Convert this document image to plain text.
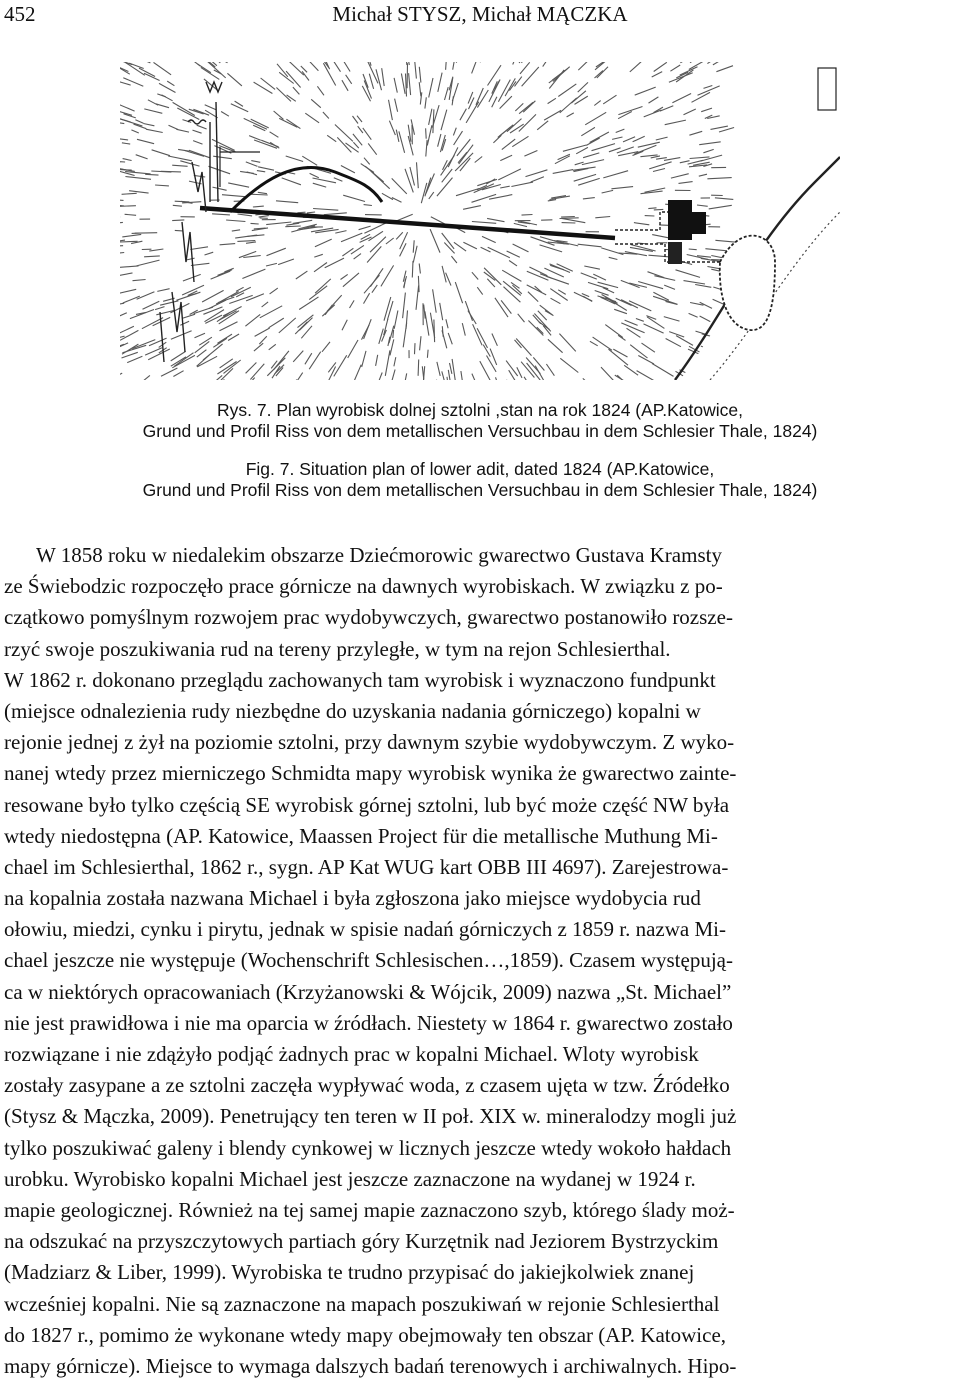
452	Michał STYSZ, Michał MĄCZKA
Rys. 7. Plan wyrobisk dolnej sztolni ,stan na rok 1824 (AP.Katowice,
Grund und Profil Riss von dem metallischen Versuchbau in dem Schlesier Thale, 1824)
Fig. 7. Situation plan of lower adit, dated 1824 (AP.Katowice,
Grund und Profil Riss von dem metallischen Versuchbau in dem Schlesier Thale, 1824)
W 1858 roku w niedalekim obszarze Dziećmorowic gwarectwo Gustava Kramsty
ze Świebodzic rozpoczęło prace górnicze na dawnych wyrobiskach. W związku z po-
czątkowo pomyślnym rozwojem prac wydobywczych, gwarectwo postanowiło rozsze-
rzyć swoje poszukiwania rud na tereny przyległe, w tym na rejon Schlesierthal.
W 1862 r. dokonano przeglądu zachowanych tam wyrobisk i wyznaczono fundpunkt
(miejsce odnalezienia rudy niezbędne do uzyskania nadania górniczego) kopalni w
rejonie jednej z żył na poziomie sztolni, przy dawnym szybie wydobywczym. Z wyko-
nanej wtedy przez mierniczego Schmidta mapy wyrobisk wynika że gwarectwo zainte-
resowane było tylko częścią SE wyrobisk górnej sztolni, lub być może część NW była
wtedy niedostępna (AP. Katowice, Maassen Project für die metallische Muthung Mi-
chael im Schlesierthal, 1862 r., sygn. AP Kat WUG kart OBB III 4697). Zarejestrowa-
na kopalnia została nazwana Michael i była zgłoszona jako miejsce wydobycia rud
ołowiu, miedzi, cynku i pirytu, jednak w spisie nadań górniczych z 1859 r. nazwa Mi-
chael jeszcze nie występuje (Wochenschrift Schlesischen…,1859). Czasem występują-
ca w niektórych opracowaniach (Krzyżanowski & Wójcik, 2009) nazwa „St. Michael”
nie jest prawidłowa i nie ma oparcia w źródłach. Niestety w 1864 r. gwarectwo zostało
rozwiązane i nie zdążyło podjąć żadnych prac w kopalni Michael. Wloty wyrobisk
zostały zasypane a ze sztolni zaczęła wypływać woda, z czasem ujęta w tzw. Źródełko
(Stysz & Mączka, 2009). Penetrujący ten teren w II poł. XIX w. mineralodzy mogli już
tylko poszukiwać galeny i blendy cynkowej w licznych jeszcze wtedy wokoło hałdach
urobku. Wyrobisko kopalni Michael jest jeszcze zaznaczone na wydanej w 1924 r.
mapie geologicznej. Również na tej samej mapie zaznaczono szyb, którego ślady moż-
na odszukać na przyszczytowych partiach góry Kurzętnik nad Jeziorem Bystrzyckim
(Madziarz & Liber, 1999). Wyrobiska te trudno przypisać do jakiejkolwiek znanej
wcześniej kopalni. Nie są zaznaczone na mapach poszukiwań w rejonie Schlesierthal
do 1827 r., pomimo że wykonane wtedy mapy obejmowały ten obszar (AP. Katowice,
mapy górnicze). Miejsce to wymaga dalszych badań terenowych i archiwalnych. Hipo-
